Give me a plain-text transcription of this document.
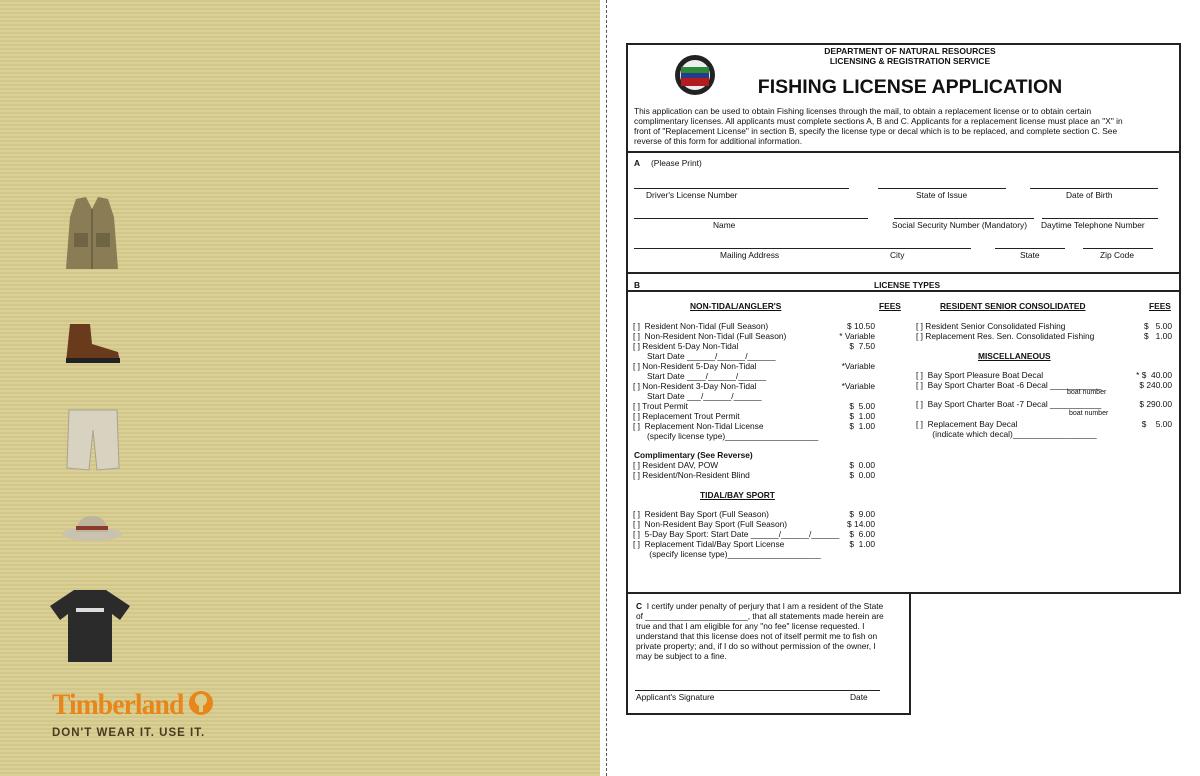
Timberland
DON'T WEAR IT. USE IT.
DEPARTMENT OF NATURAL RESOURCES
LICENSING & REGISTRATION SERVICE
FISHING LICENSE APPLICATION
This application can be used to obtain Fishing licenses through the mail, to obtain a replacement license or to obtain certain
complimentary licenses. All applicants must complete sections A, B and C. Applicants for a replacement license must place an "X" in
front of "Replacement License" in section B, specify the license type or decal which is to be replaced, and complete section C. See
reverse of this form for additional information.
A (Please Print)
Driver's License Number	State of Issue	Date of Birth
Name	Social Security Number (Mandatory) Daytime Telephone Number
Mailing Address	City	State	Zip Code
B	LICENSE TYPES
NON-TIDAL/ANGLER'S	FEES	RESIDENT SENIOR CONSOLIDATED	FEES
[ ]  Resident Non-Tidal (Full Season)	$ 10.50
[ ]  Non-Resident Non-Tidal (Full Season)	* Variable
[ ] Resident 5-Day Non-Tidal	$  7.50
Start Date ______/______/______
[ ] Non-Resident 5-Day Non-Tidal	*Variable
Start Date ____/______/______
[ ] Non-Resident 3-Day Non-Tidal	*Variable
Start Date ___/______/______
[ ] Trout Permit	$  5.00
[ ] Replacement Trout Permit	$  1.00
[ ]  Replacement Non-Tidal License	$  1.00
(specify license type)____________________
[ ] Resident Senior Consolidated Fishing	$   5.00
[ ] Replacement Res. Sen. Consolidated Fishing	$   1.00
[ ] Resident DAV, POW	$  0.00
[ ] Resident/Non-Resident Blind	$  0.00
[ ]  Resident Bay Sport (Full Season)	$  9.00
[ ]  Non-Resident Bay Sport (Full Season)	$ 14.00
[ ]  5-Day Bay Sport: Start Date ______/______/______	$  6.00
[ ]  Replacement Tidal/Bay Sport License	$  1.00
(specify license type)____________________
[ ]  Bay Sport Pleasure Boat Decal	* $  40.00
[ ]  Bay Sport Charter Boat -6 Decal ___________	$ 240.00
[ ]  Bay Sport Charter Boat -7 Decal ___________	$ 290.00
[ ]  Replacement Bay Decal	$    5.00
(indicate which decal)__________________
MISCELLANEOUS
boat number
boat number
Complimentary (See Reverse)
TIDAL/BAY SPORT
C I certify under penalty of perjury that I am a resident of the State
of ______________________, that all statements made herein are
true and that I am eligible for any "no fee" license requested. I
understand that this license does not of itself permit me to fish on
private property; and, if I do so without permission of the owner, I
may be subject to a fine.
Applicant's Signature	Date
